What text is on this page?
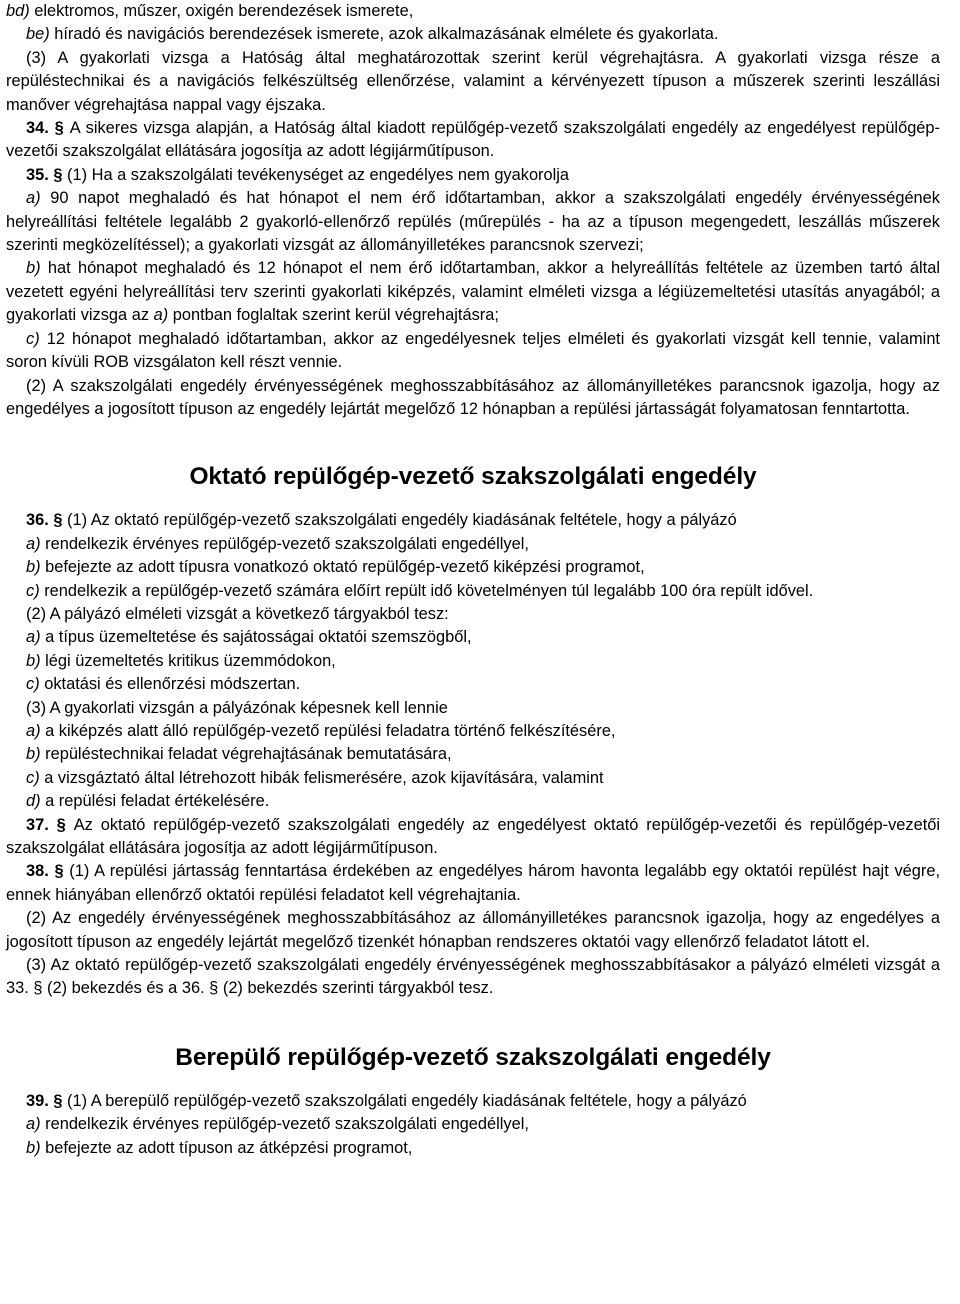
bd) elektromos, műszer, oxigén berendezések ismerete,

be) híradó és navigációs berendezések ismerete, azok alkalmazásának elmélete és gyakorlata.

(3) A gyakorlati vizsga a Hatóság által meghatározottak szerint kerül végrehajtásra. A gyakorlati vizsga része a repüléstechnikai és a navigációs felkészültség ellenőrzése, valamint a kérvényezett típuson a műszerek szerinti leszállási manőver végrehajtása nappal vagy éjszaka.

34. § A sikeres vizsga alapján, a Hatóság által kiadott repülőgép-vezető szakszolgálati engedély az engedélyest repülőgép-vezetői szakszolgálat ellátására jogosítja az adott légijárműtípuson.

35. § (1) Ha a szakszolgálati tevékenységet az engedélyes nem gyakorolja

a) 90 napot meghaladó és hat hónapot el nem érő időtartamban, akkor a szakszolgálati engedély érvényességének helyreállítási feltétele legalább 2 gyakorló-ellenőrző repülés (műrepülés - ha az a típuson megengedett, leszállás műszerek szerinti megközelítéssel); a gyakorlati vizsgát az állományilletékes parancsnok szervezi;

b) hat hónapot meghaladó és 12 hónapot el nem érő időtartamban, akkor a helyreállítás feltétele az üzemben tartó által vezetett egyéni helyreállítási terv szerinti gyakorlati kiképzés, valamint elméleti vizsga a légiüzemeltetési utasítás anyagából; a gyakorlati vizsga az a) pontban foglaltak szerint kerül végrehajtásra;

c) 12 hónapot meghaladó időtartamban, akkor az engedélyesnek teljes elméleti és gyakorlati vizsgát kell tennie, valamint soron kívüli ROB vizsgálaton kell részt vennie.

(2) A szakszolgálati engedély érvényességének meghosszabbításához az állományilletékes parancsnok igazolja, hogy az engedélyes a jogosított típuson az engedély lejártát megelőző 12 hónapban a repülési jártasságát folyamatosan fenntartotta.

Oktató repülőgép-vezető szakszolgálati engedély

36. § (1) Az oktató repülőgép-vezető szakszolgálati engedély kiadásának feltétele, hogy a pályázó

a) rendelkezik érvényes repülőgép-vezető szakszolgálati engedéllyel,

b) befejezte az adott típusra vonatkozó oktató repülőgép-vezető kiképzési programot,

c) rendelkezik a repülőgép-vezető számára előírt repült idő követelményen túl legalább 100 óra repült idővel.

(2) A pályázó elméleti vizsgát a következő tárgyakból tesz:

a) a típus üzemeltetése és sajátosságai oktatói szemszögből,

b) légi üzemeltetés kritikus üzemmódokon,

c) oktatási és ellenőrzési módszertan.

(3) A gyakorlati vizsgán a pályázónak képesnek kell lennie

a) a kiképzés alatt álló repülőgép-vezető repülési feladatra történő felkészítésére,

b) repüléstechnikai feladat végrehajtásának bemutatására,

c) a vizsgáztató által létrehozott hibák felismerésére, azok kijavítására, valamint

d) a repülési feladat értékelésére.

37. § Az oktató repülőgép-vezető szakszolgálati engedély az engedélyest oktató repülőgép-vezetői és repülőgép-vezetői szakszolgálat ellátására jogosítja az adott légijárműtípuson.

38. § (1) A repülési jártasság fenntartása érdekében az engedélyes három havonta legalább egy oktatói repülést hajt végre, ennek hiányában ellenőrző oktatói repülési feladatot kell végrehajtania.

(2) Az engedély érvényességének meghosszabbításához az állományilletékes parancsnok igazolja, hogy az engedélyes a jogosított típuson az engedély lejártát megelőző tizenkét hónapban rendszeres oktatói vagy ellenőrző feladatot látott el.

(3) Az oktató repülőgép-vezető szakszolgálati engedély érvényességének meghosszabbításakor a pályázó elméleti vizsgát a 33. § (2) bekezdés és a 36. § (2) bekezdés szerinti tárgyakból tesz.

Berepülő repülőgép-vezető szakszolgálati engedély

39. § (1) A berepülő repülőgép-vezető szakszolgálati engedély kiadásának feltétele, hogy a pályázó

a) rendelkezik érvényes repülőgép-vezető szakszolgálati engedéllyel,

b) befejezte az adott típuson az átképzési programot,
